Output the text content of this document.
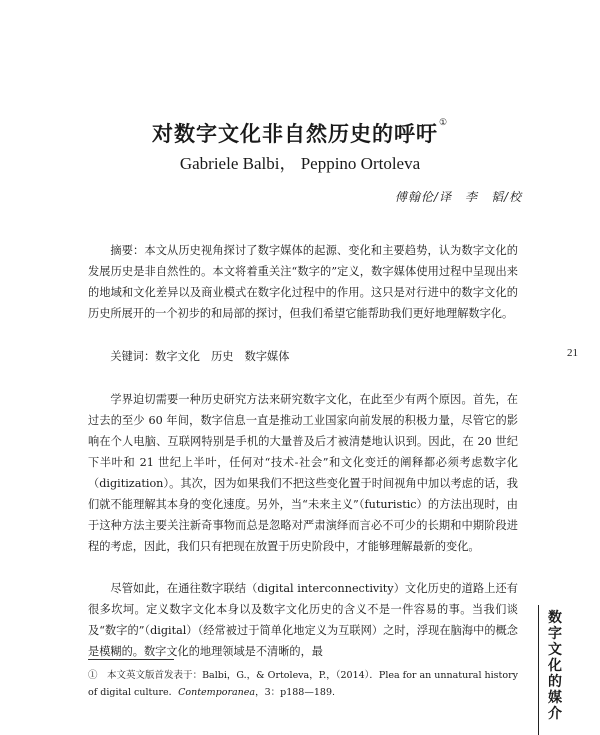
对数字文化非自然历史的呼吁①
Gabriele Balbi， Peppino Ortoleva
傅翰伦/译　李　韬/校

摘要：本文从历史视角探讨了数字媒体的起源、变化和主要趋势，认为数字文化的发展历史是非自然性的。本文将着重关注“数字的”定义，数字媒体使用过程中呈现出来的地域和文化差异以及商业模式在数字化过程中的作用。这只是对行进中的数字文化的历史所展开的一个初步的和局部的探讨，但我们希望它能帮助我们更好地理解数字化。

关键词：数字文化　历史　数字媒体	21

学界迫切需要一种历史研究方法来研究数字文化，在此至少有两个原因。首先，在过去的至少 60 年间，数字信息一直是推动工业国家向前发展的积极力量，尽管它的影响在个人电脑、互联网特别是手机的大量普及后才被清楚地认识到。因此，在 20 世纪下半叶和 21 世纪上半叶，任何对“技术-社会”和文化变迁的阐释都必须考虑数字化（digitization）。其次，因为如果我们不把这些变化置于时间视角中加以考虑的话，我们就不能理解其本身的变化速度。另外，当“未来主义”（futuristic）的方法出现时，由于这种方法主要关注新奇事物而总是忽略对严肃演绎而言必不可少的长期和中期阶段进程的考虑，因此，我们只有把现在放置于历史阶段中，才能够理解最新的变化。

尽管如此，在通往数字联结（digital interconnectivity）文化历史的道路上还有很多坎坷。定义数字文化本身以及数字文化历史的含义不是一件容易的事。当我们谈及“数字的”（digital）（经常被过于简单化地定义为互联网）之时，浮现在脑海中的概念是模糊的。数字文化的地理领域是不清晰的，最

①　本文英文版首发表于：Balbi，G.，& Ortoleva，P.，（2014）．Plea for an unnatural history of digital culture．Contemporanea，3：p188—189.
数字文化的媒介
